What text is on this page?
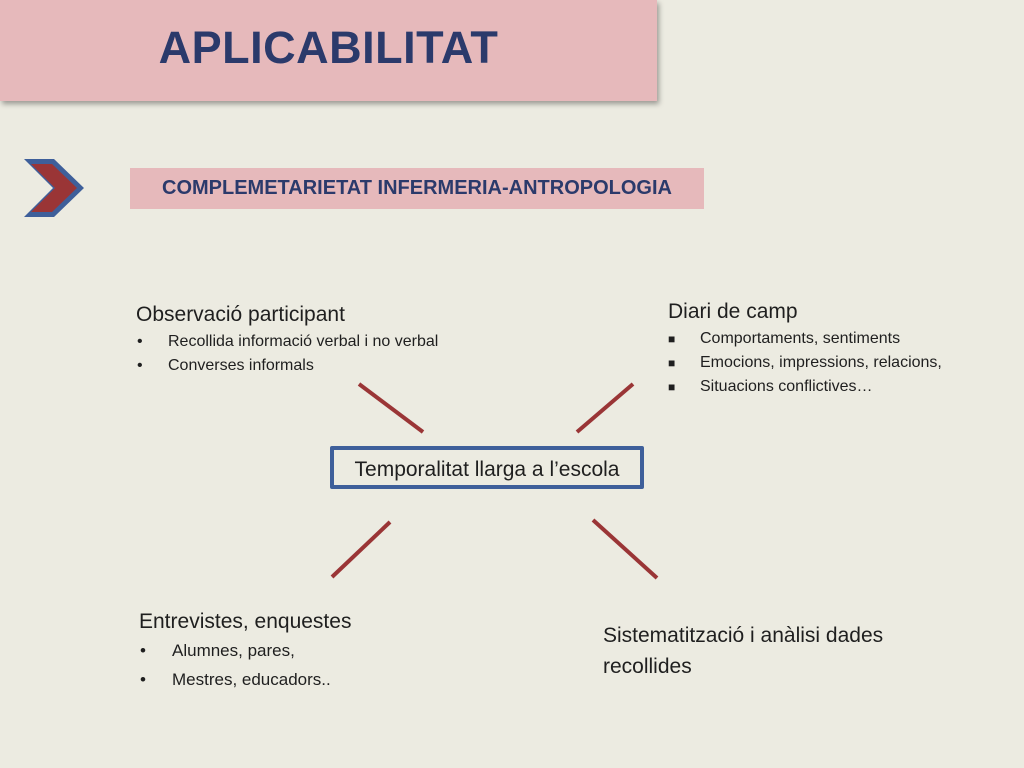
APLICABILITAT
COMPLEMETARIETAT INFERMERIA-ANTROPOLOGIA
Temporalitat llarga a l’escola
Observació participant
• Recollida informació verbal i no verbal
• Converses informals
Diari de camp
■ Comportaments, sentiments
■ Emocions, impressions, relacions,
■ Situacions conflictives…
Entrevistes, enquestes
• Alumnes, pares,
• Mestres, educadors..
Sistematització i anàlisi dades recollides
